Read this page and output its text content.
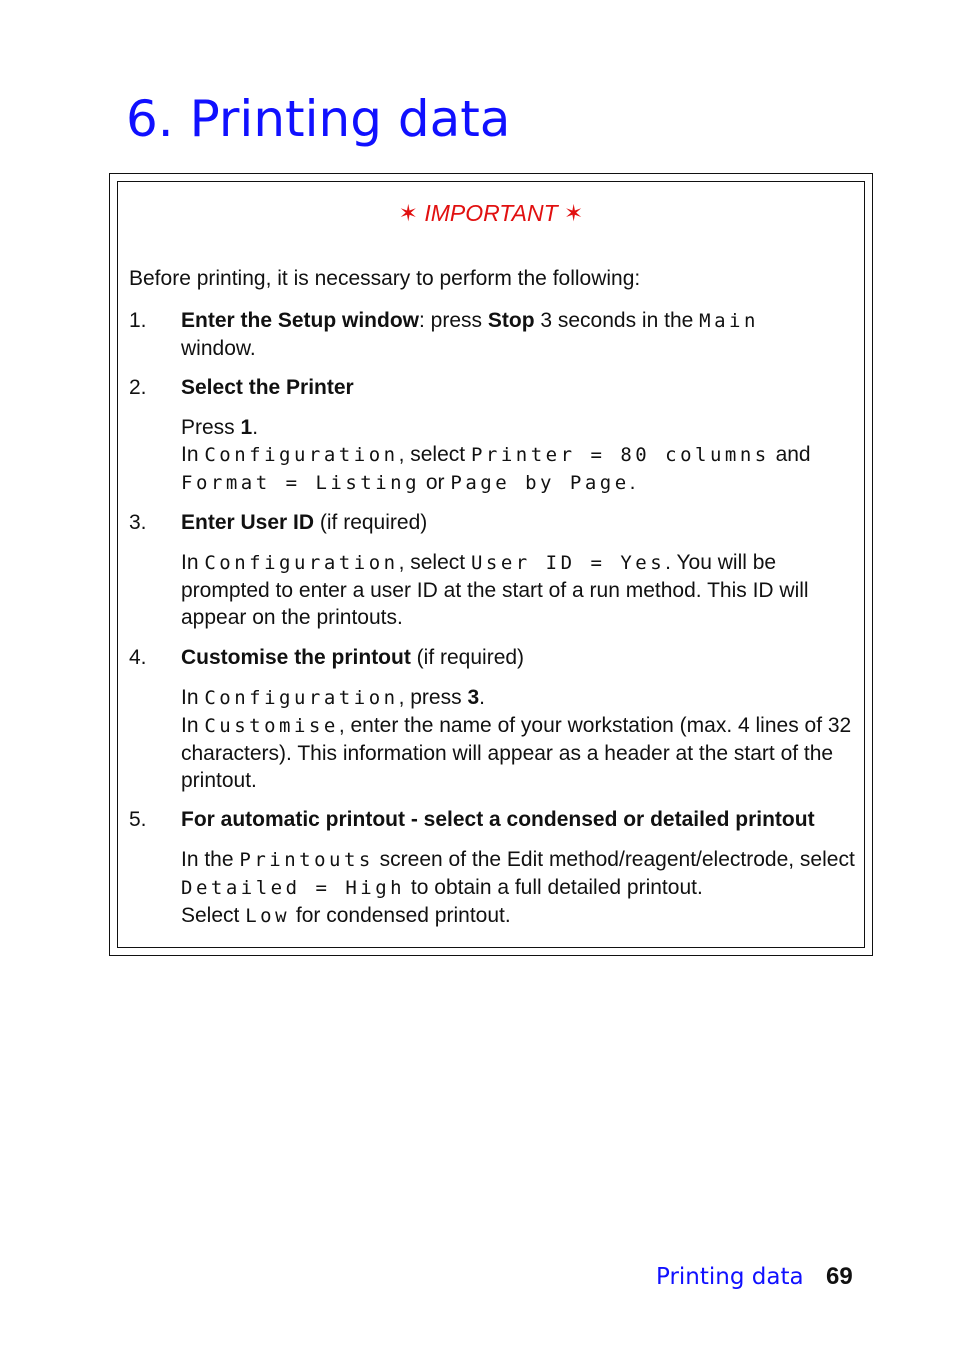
6. Printing data
✶ IMPORTANT ✶
Before printing, it is necessary to perform the following:
1. Enter the Setup window: press Stop 3 seconds in the Main
window.

2. Select the Printer

Press 1.
In Configuration, select Printer = 80 columns and
Format = Listing or Page by Page.

3. Enter User ID (if required)

In Configuration, select User ID = Yes. You will be prompted to enter a user ID at the start of a run method. This ID will appear on the printouts.

4. Customise the printout (if required)

In Configuration, press 3.
In Customise, enter the name of your workstation (max. 4 lines of 32 characters). This information will appear as a header at the start of the printout.

5. For automatic printout - select a condensed or detailed printout

In the Printouts screen of the Edit method/reagent/electrode, select Detailed = High to obtain a full detailed printout.
Select Low for condensed printout.

Printing data 69
